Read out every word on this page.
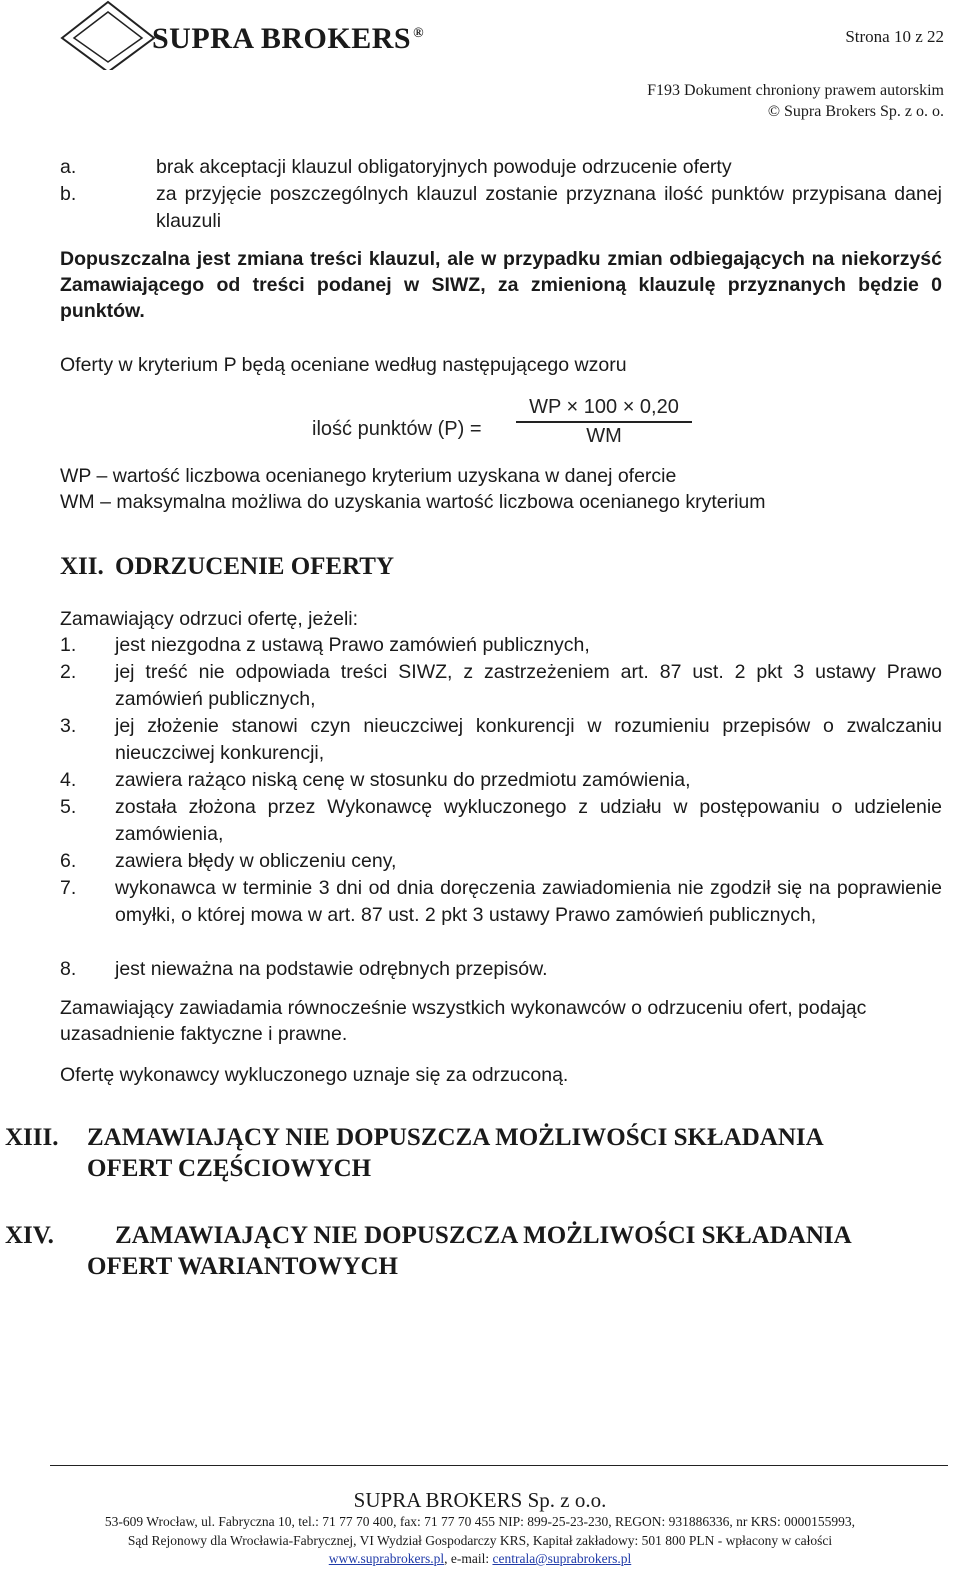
SUPRA BROKERS ®	Strona 10 z 22
F193 Dokument chroniony prawem autorskim
© Supra Brokers Sp. z o. o.
a.	brak akceptacji klauzul obligatoryjnych powoduje odrzucenie oferty
b.	za przyjęcie poszczególnych klauzul zostanie przyznana ilość punktów przypisana danej klauzuli
Dopuszczalna jest zmiana treści klauzul, ale w przypadku zmian odbiegających na niekorzyść Zamawiającego od treści podanej w SIWZ, za zmienioną klauzulę przyznanych będzie 0 punktów.
Oferty w kryterium P będą oceniane według następującego wzoru
ilość punktów (P) =
WP × 100 × 0,20
WM
WP – wartość liczbowa ocenianego kryterium uzyskana w danej ofercie
WM – maksymalna możliwa do uzyskania wartość liczbowa ocenianego kryterium
XII. ODRZUCENIE OFERTY
Zamawiający odrzuci ofertę, jeżeli:
1. jest niezgodna z ustawą Prawo zamówień publicznych,
2. jej treść nie odpowiada treści SIWZ, z zastrzeżeniem art. 87 ust. 2 pkt 3 ustawy Prawo zamówień publicznych,
3. jej złożenie stanowi czyn nieuczciwej konkurencji w rozumieniu przepisów o zwalczaniu nieuczciwej konkurencji,
4. zawiera rażąco niską cenę w stosunku do przedmiotu zamówienia,
5. została złożona przez Wykonawcę wykluczonego z udziału w postępowaniu o udzielenie zamówienia,
6. zawiera błędy w obliczeniu ceny,
7. wykonawca w terminie 3 dni od dnia doręczenia zawiadomienia nie zgodził się na poprawienie omyłki, o której mowa w art. 87 ust. 2 pkt 3 ustawy Prawo zamówień publicznych,
8. jest nieważna na podstawie odrębnych przepisów.
Zamawiający zawiadamia równocześnie wszystkich wykonawców o odrzuceniu ofert, podając uzasadnienie faktyczne i prawne.
Ofertę wykonawcy wykluczonego uznaje się za odrzuconą.
XIII. ZAMAWIAJĄCY NIE DOPUSZCZA MOŻLIWOŚCI SKŁADANIA
OFERT CZĘŚCIOWYCH
XIV. ZAMAWIAJĄCY NIE DOPUSZCZA MOŻLIWOŚCI SKŁADANIA
OFERT WARIANTOWYCH
SUPRA BROKERS Sp. z o.o.
53-609 Wrocław, ul. Fabryczna 10, tel.: 71 77 70 400, fax: 71 77 70 455 NIP: 899-25-23-230, REGON: 931886336, nr KRS: 0000155993,
Sąd Rejonowy dla Wrocławia-Fabrycznej, VI Wydział Gospodarczy KRS, Kapitał zakładowy: 501 800 PLN - wpłacony w całości
www.suprabrokers.pl, e-mail: centrala@suprabrokers.pl
